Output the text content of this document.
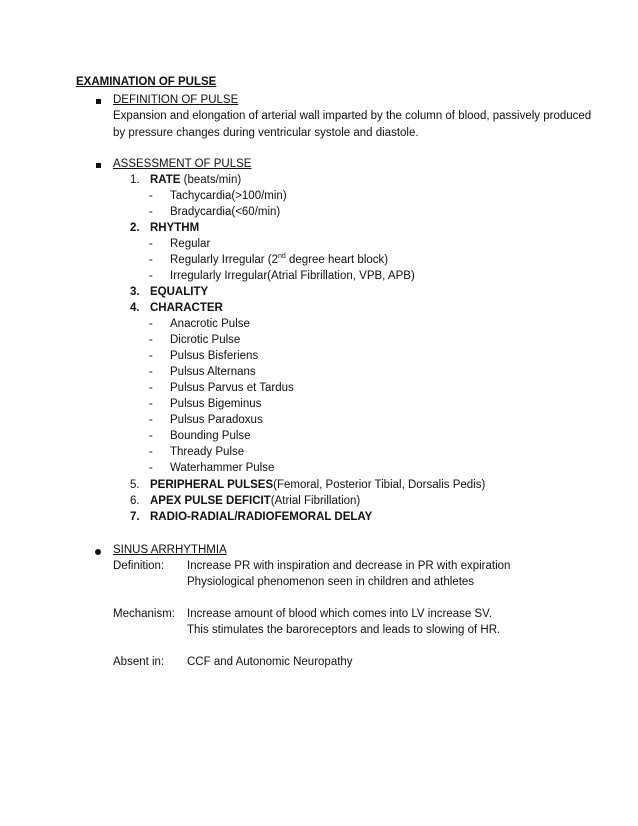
EXAMINATION OF PULSE
DEFINITION OF PULSE
Expansion and elongation of arterial wall imparted by the column of blood, passively produced
by pressure changes during ventricular systole and diastole.
ASSESSMENT OF PULSE
1. RATE (beats/min)
- Tachycardia(>100/min)
- Bradycardia(<60/min)
2. RHYTHM
- Regular
- Regularly Irregular (2nd degree heart block)
- Irregularly Irregular(Atrial Fibrillation, VPB, APB)
3. EQUALITY
4. CHARACTER
- Anacrotic Pulse
- Dicrotic Pulse
- Pulsus Bisferiens
- Pulsus Alternans
- Pulsus Parvus et Tardus
- Pulsus Bigeminus
- Pulsus Paradoxus
- Bounding Pulse
- Thready Pulse
- Waterhammer Pulse
5. PERIPHERAL PULSES(Femoral, Posterior Tibial, Dorsalis Pedis)
6. APEX PULSE DEFICIT(Atrial Fibrillation)
7. RADIO-RADIAL/RADIOFEMORAL DELAY
SINUS ARRHYTHMIA
Definition: Increase PR with inspiration and decrease in PR with expiration
Physiological phenomenon seen in children and athletes
Mechanism: Increase amount of blood which comes into LV increase SV.
This stimulates the baroreceptors and leads to slowing of HR.
Absent in: CCF and Autonomic Neuropathy
